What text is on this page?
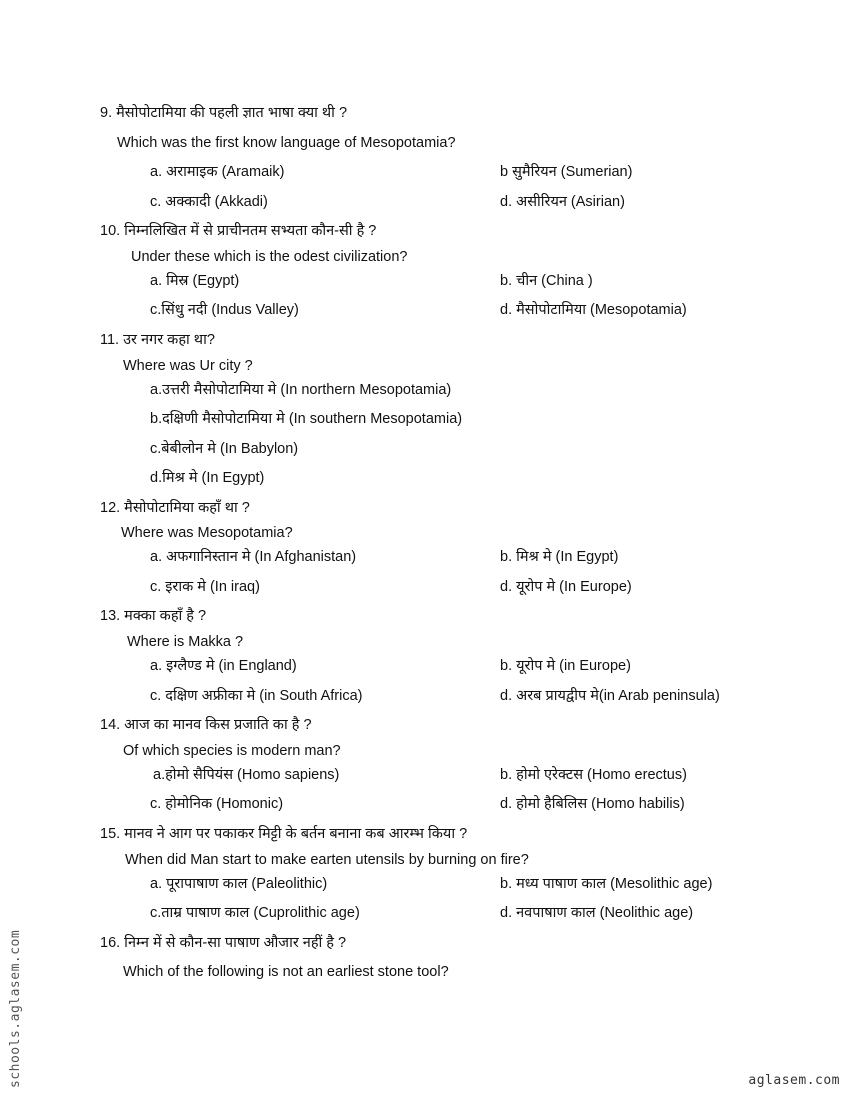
9. मैसोपोटामिया की पहली ज्ञात भाषा क्या थी ?
Which was the first know language of Mesopotamia?
a. अरामाइक (Aramaik)	b सुमैरियन (Sumerian)
c. अक्कादी (Akkadi)	d. असीरियन (Asirian)
10. निम्नलिखित में से प्राचीनतम सभ्यता कौन-सी है ?
Under these which is the odest civilization?
a. मिस्र (Egypt)	b. चीन (China )
c.सिंधु नदी (Indus Valley)	d. मैसोपोटामिया (Mesopotamia)
11. उर नगर कहा था?
Where was Ur city ?
a.उत्तरी मैसोपोटामिया मे (In northern Mesopotamia)
b.दक्षिणी मैसोपोटामिया मे (In southern Mesopotamia)
c.बेबीलोन मे (In Babylon)
d.मिश्र मे (In Egypt)
12. मैसोपोटामिया कहाँ था ?
Where was Mesopotamia?
a. अफगानिस्तान मे (In Afghanistan)	b. मिश्र मे (In Egypt)
c. इराक मे (In iraq)	d. यूरोप मे (In Europe)
13. मक्का कहाँ है ?
Where is Makka ?
a. इग्लैण्ड मे (in England)	b. यूरोप मे (in Europe)
c. दक्षिण अफ्रीका मे (in South Africa)	d. अरब प्रायद्वीप मे(in Arab peninsula)
14. आज का मानव किस प्रजाति का है ?
Of which species is modern man?
a.होमो सैपियंस (Homo sapiens)	b. होमो एरेक्टस (Homo erectus)
c. होमोनिक (Homonic)	d. होमो हैबिलिस (Homo habilis)
15. मानव ने आग पर पकाकर मिट्टी के बर्तन बनाना कब आरम्भ किया ?
When did Man start to make earten utensils by burning on fire?
a. पूरापाषाण काल (Paleolithic)	b. मध्य पाषाण काल (Mesolithic age)
c.ताम्र पाषाण काल (Cuprolithic age)	d. नवपाषाण काल (Neolithic age)
16. निम्न में से कौन-सा पाषाण औजार नहीं है ?
Which of the following is not an earliest stone tool?
schools.aglasem.com	aglasem.com
